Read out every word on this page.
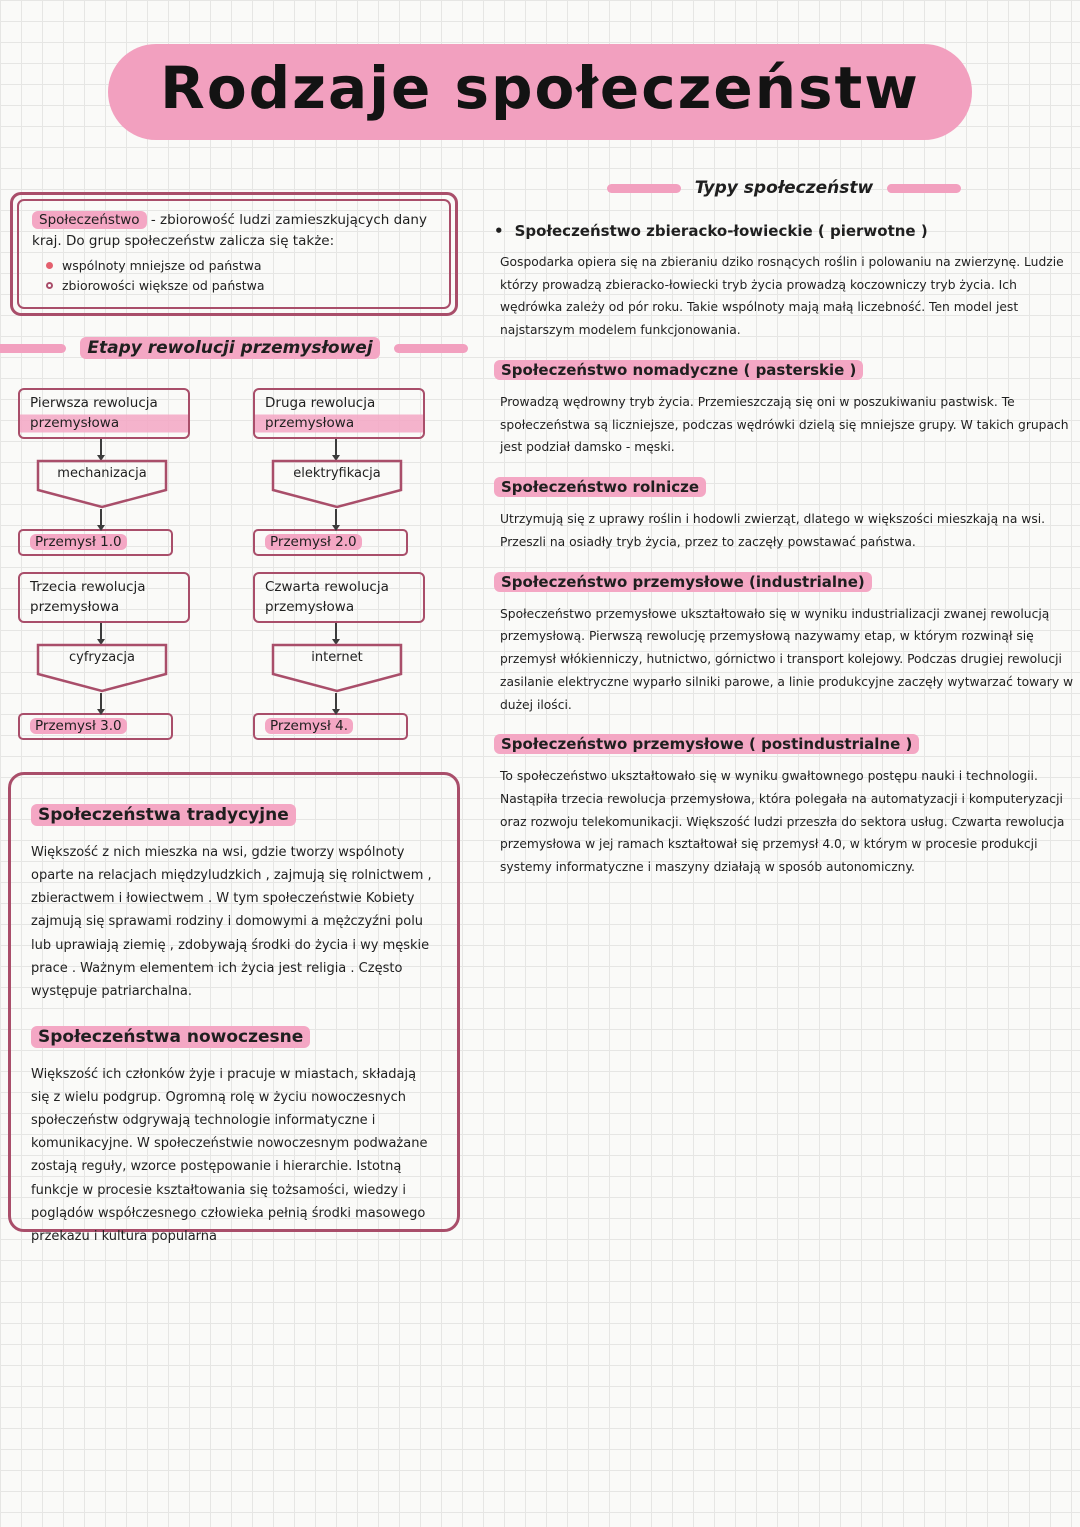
Rodzaje społeczeństw

Społeczeństwo - zbiorowość ludzi zamieszkujących dany kraj. Do grup społeczeństw zalicza się także:

wspólnoty mniejsze od państwa
zbiorowości większe od państwa
Etapy rewolucji przemysłowej
Pierwsza rewolucja przemysłowa
mechanizacja
Przemysł 1.0
Druga rewolucja przemysłowa
elektryfikacja
Przemysł 2.0
Trzecia rewolucja przemysłowa
cyfryzacja
Przemysł 3.0
Czwarta rewolucja przemysłowa
internet
Przemysł 4.
Społeczeństwa tradycyjne

Większość z nich mieszka na wsi, gdzie tworzy wspólnoty oparte na relacjach międzyludzkich , zajmują się rolnictwem , zbieractwem i łowiectwem . W tym społeczeństwie Kobiety zajmują się sprawami rodziny i domowymi a mężczyźni polu lub uprawiają ziemię , zdobywają środki do życia i wy męskie prace . Ważnym elementem ich życia jest religia . Często występuje patriarchalna.

Społeczeństwa nowoczesne

Większość ich członków żyje i pracuje w miastach, składają się z wielu podgrup. Ogromną rolę w życiu nowoczesnych społeczeństw odgrywają technologie informatyczne i komunikacyjne. W społeczeństwie nowoczesnym podważane zostają reguły, wzorce postępowanie i hierarchie. Istotną funkcje w procesie kształtowania się tożsamości, wiedzy i poglądów współczesnego człowieka pełnią środki masowego przekazu i kultura popularna

Typy społeczeństw
• Społeczeństwo zbieracko-łowieckie ( pierwotne )

Gospodarka opiera się na zbieraniu dziko rosnących roślin i polowaniu na zwierzynę. Ludzie którzy prowadzą zbieracko-łowiecki tryb życia prowadzą koczowniczy tryb życia. Ich wędrówka zależy od pór roku. Takie wspólnoty mają małą liczebność. Ten model jest najstarszym modelem funkcjonowania.

Społeczeństwo nomadyczne ( pasterskie )

Prowadzą wędrowny tryb życia. Przemieszczają się oni w poszukiwaniu pastwisk. Te społeczeństwa są liczniejsze, podczas wędrówki dzielą się mniejsze grupy. W takich grupach jest podział damsko - męski.

Społeczeństwo rolnicze

Utrzymują się z uprawy roślin i hodowli zwierząt, dlatego w większości mieszkają na wsi. Przeszli na osiadły tryb życia, przez to zaczęły powstawać państwa.

Społeczeństwo przemysłowe (industrialne)

Społeczeństwo przemysłowe ukształtowało się w wyniku industrializacji zwanej rewolucją przemysłową. Pierwszą rewolucję przemysłową nazywamy etap, w którym rozwinął się przemysł włókienniczy, hutnictwo, górnictwo i transport kolejowy. Podczas drugiej rewolucji zasilanie elektryczne wyparło silniki parowe, a linie produkcyjne zaczęły wytwarzać towary w dużej ilości.

Społeczeństwo przemysłowe ( postindustrialne )

To społeczeństwo ukształtowało się w wyniku gwałtownego postępu nauki i technologii. Nastąpiła trzecia rewolucja przemysłowa, która polegała na automatyzacji i komputeryzacji oraz rozwoju telekomunikacji. Większość ludzi przeszła do sektora usług. Czwarta rewolucja przemysłowa w jej ramach kształtował się przemysł 4.0, w którym w procesie produkcji systemy informatyczne i maszyny działają w sposób autonomiczny.
